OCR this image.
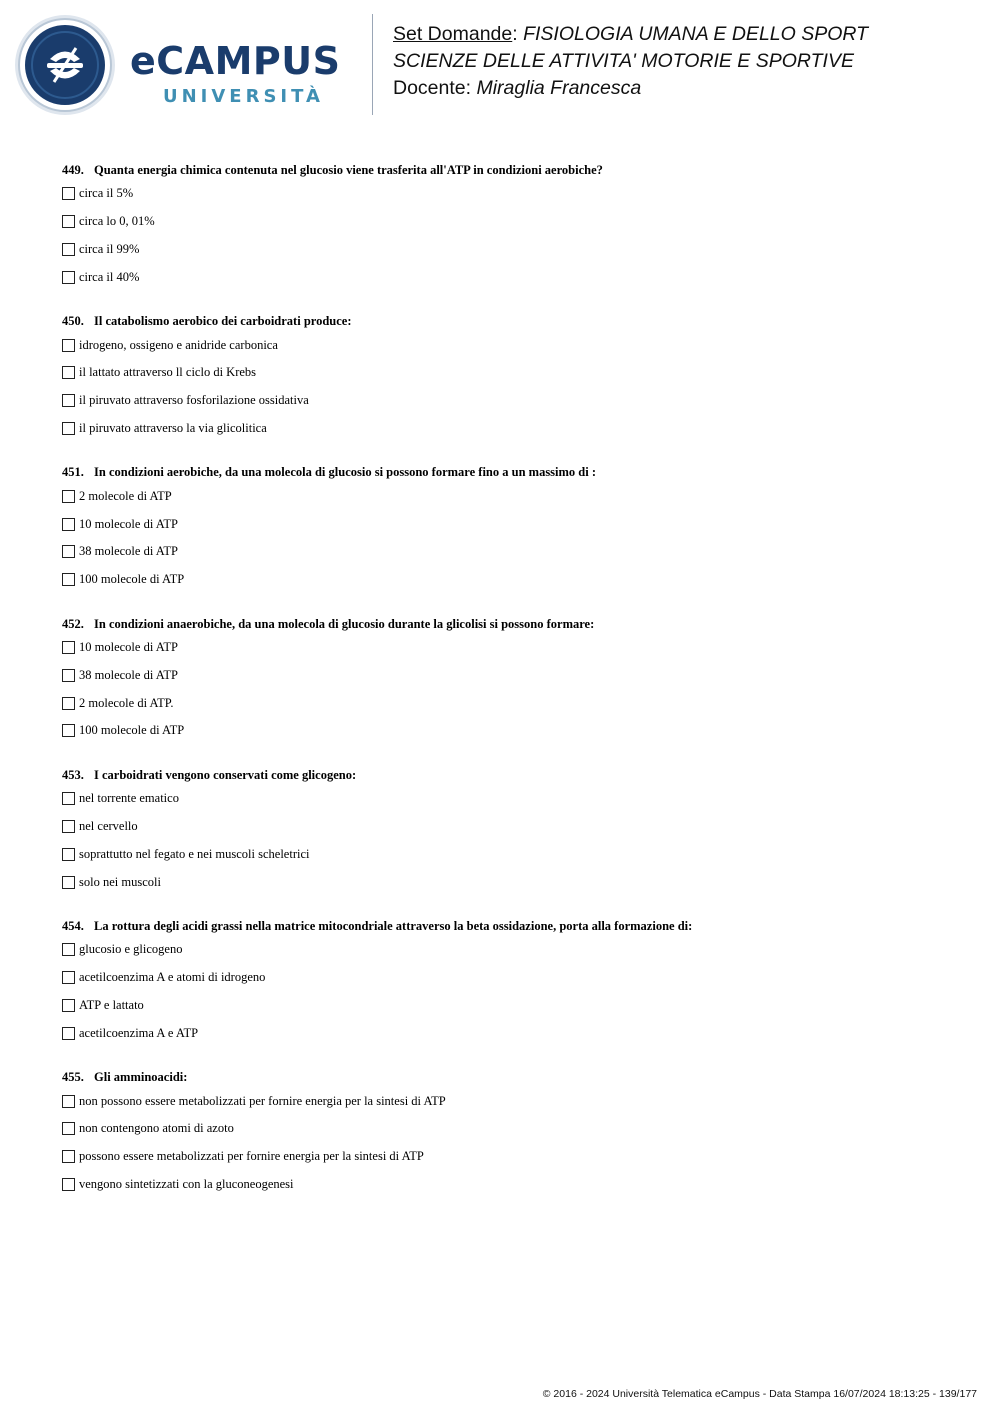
eCAMPUS
UNIVERSITÀ
Set Domande: FISIOLOGIA UMANA E DELLO SPORT
SCIENZE DELLE ATTIVITA' MOTORIE E SPORTIVE
Docente: Miraglia Francesca
449. Quanta energia chimica contenuta nel glucosio viene trasferita all'ATP in condizioni aerobiche?
circa il 5%
circa lo 0, 01%
circa il 99%
circa il 40%
450. Il catabolismo aerobico dei carboidrati produce:
idrogeno, ossigeno e anidride carbonica
il lattato attraverso ll ciclo di Krebs
il piruvato attraverso fosforilazione ossidativa
il piruvato attraverso la via glicolitica
451. In condizioni aerobiche, da una molecola di glucosio si possono formare fino a un massimo di :
2 molecole di ATP
10 molecole di ATP
38 molecole di ATP
100 molecole di ATP
452. In condizioni anaerobiche, da una molecola di glucosio durante la glicolisi si possono formare:
10 molecole di ATP
38 molecole di ATP
2 molecole di ATP.
100 molecole di ATP
453. I carboidrati vengono conservati come glicogeno:
nel torrente ematico
nel cervello
soprattutto nel fegato e nei muscoli scheletrici
solo nei muscoli
454. La rottura degli acidi grassi nella matrice mitocondriale attraverso la beta ossidazione, porta alla formazione di:
glucosio e glicogeno
acetilcoenzima A e atomi di idrogeno
ATP e lattato
acetilcoenzima A e ATP
455. Gli amminoacidi:
non possono essere metabolizzati per fornire energia per la sintesi di ATP
non contengono atomi di azoto
possono essere metabolizzati per fornire energia per la sintesi di ATP
vengono sintetizzati con la gluconeogenesi
© 2016 - 2024 Università Telematica eCampus - Data Stampa 16/07/2024 18:13:25 - 139/177
